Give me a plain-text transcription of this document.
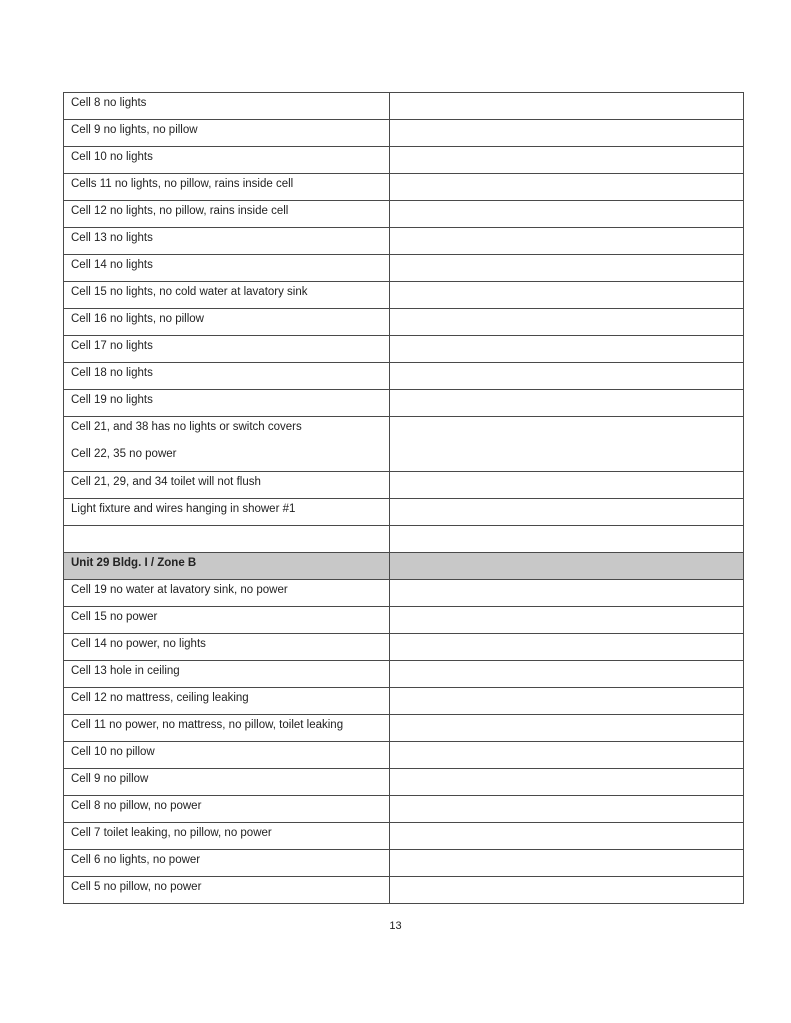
Cell 8 no lights	
Cell 9 no lights, no pillow	
Cell 10 no lights	
Cells 11 no lights, no pillow, rains inside cell	
Cell 12 no lights, no pillow, rains inside cell	
Cell 13 no lights	
Cell 14 no lights	
Cell 15 no lights, no cold water at lavatory sink	
Cell 16 no lights, no pillow	
Cell 17 no lights	
Cell 18 no lights	
Cell 19 no lights	

Cell 21, and 38 has no lights or switch covers
Cell 22, 35 no power	

Cell 21, 29, and 34 toilet will not flush	
Light fixture and wires hanging in shower #1	

Unit 29 Bldg. I / Zone B	
Cell 19 no water at lavatory sink, no power	
Cell 15 no power	
Cell 14 no power, no lights	
Cell 13 hole in ceiling	
Cell 12 no mattress, ceiling leaking	
Cell 11 no power, no mattress, no pillow, toilet leaking	
Cell 10 no pillow	
Cell 9 no pillow	
Cell 8 no pillow, no power	
Cell 7 toilet leaking, no pillow, no power	
Cell 6 no lights, no power	
Cell 5 no pillow, no power	
13
